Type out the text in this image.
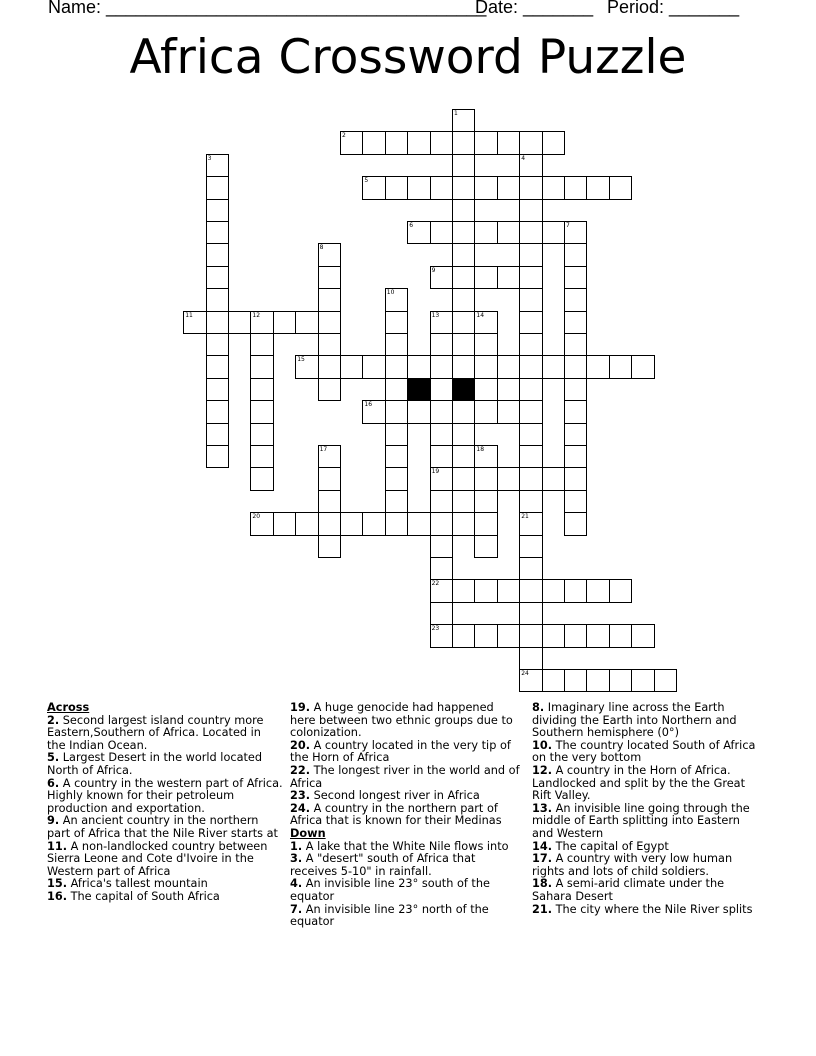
Name: ______________________________________
Date: _______ Period: _______
Africa Crossword Puzzle
1
2
3	4
21
5
6	7
8
9
10
11	12	13
19
22
14
15
16
17	18
20
24
23
Across
2. Second largest island country more Eastern,Southern of Africa. Located in the Indian Ocean.
5. Largest Desert in the world located North of Africa.
6. A country in the western part of Africa. Highly known for their petroleum production and exportation.
9. An ancient country in the northern part of Africa that the Nile River starts at
11. A non-landlocked country between Sierra Leone and Cote d'Ivoire in the Western part of Africa
15. Africa's tallest mountain
16. The capital of South Africa
19. A huge genocide had happened here between two ethnic groups due to colonization.
20. A country located in the very tip of the Horn of Africa
22. The longest river in the world and of Africa
23. Second longest river in Africa
24. A country in the northern part of Africa that is known for their Medinas
Down
1. A lake that the White Nile flows into
3. A "desert" south of Africa that receives 5-10" in rainfall.
4. An invisible line 23° south of the equator
7. An invisible line 23° north of the equator
8. Imaginary line across the Earth dividing the Earth into Northern and Southern hemisphere (0°)
10. The country located South of Africa on the very bottom
12. A country in the Horn of Africa. Landlocked and split by the the Great Rift Valley.
13. An invisible line going through the middle of Earth splitting into Eastern and Western
14. The capital of Egypt
17. A country with very low human rights and lots of child soldiers.
18. A semi-arid climate under the Sahara Desert
21. The city where the Nile River splits
